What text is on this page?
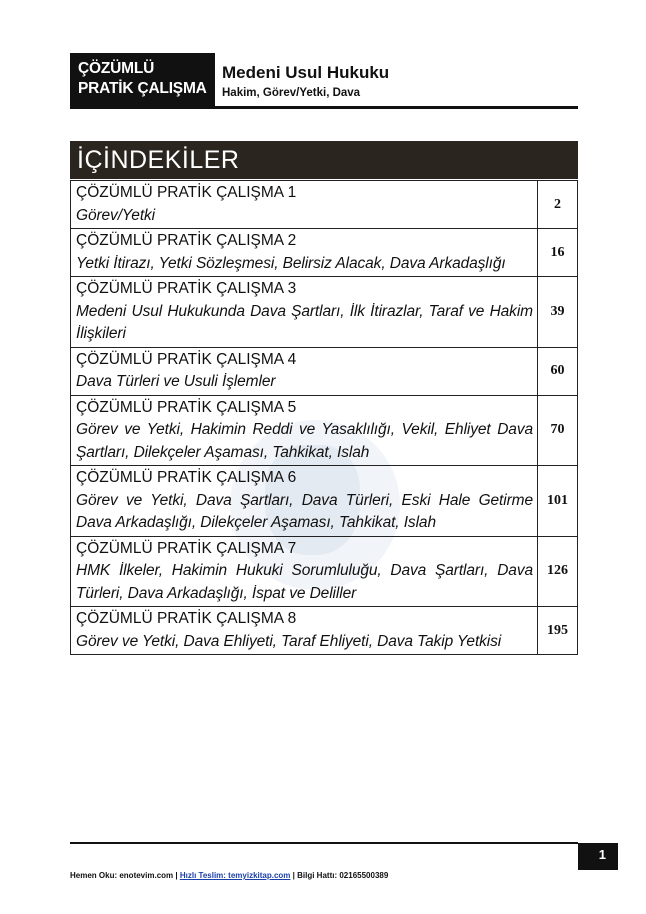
ÇÖZÜMLÜ
PRATİK ÇALIŞMA
Medeni Usul Hukuku
Hakim, Görev/Yetki, Dava
İÇİNDEKİLER
ÇÖZÜMLÜ PRATİK ÇALIŞMA 1
Görev/Yetki	2

ÇÖZÜMLÜ PRATİK ÇALIŞMA 2
Yetki İtirazı, Yetki Sözleşmesi, Belirsiz Alacak, Dava Arkadaşlığı	16

ÇÖZÜMLÜ PRATİK ÇALIŞMA 3
Medeni Usul Hukukunda Dava Şartları, İlk İtirazlar, Taraf ve Hakim İlişkileri	39

ÇÖZÜMLÜ PRATİK ÇALIŞMA 4
Dava Türleri ve Usuli İşlemler	60

ÇÖZÜMLÜ PRATİK ÇALIŞMA 5
Görev ve Yetki, Hakimin Reddi ve Yasaklılığı, Vekil, Ehliyet Dava Şartları, Dilekçeler Aşaması, Tahkikat, Islah	70

ÇÖZÜMLÜ PRATİK ÇALIŞMA 6
Görev ve Yetki, Dava Şartları, Dava Türleri, Eski Hale Getirme Dava Arkadaşlığı, Dilekçeler Aşaması, Tahkikat, Islah	101

ÇÖZÜMLÜ PRATİK ÇALIŞMA 7
HMK İlkeler, Hakimin Hukuki Sorumluluğu, Dava Şartları, Dava Türleri, Dava Arkadaşlığı, İspat ve Deliller	126

ÇÖZÜMLÜ PRATİK ÇALIŞMA 8
Görev ve Yetki, Dava Ehliyeti, Taraf Ehliyeti, Dava Takip Yetkisi	195
1
Hemen Oku: enotevim.com | Hızlı Teslim: temyizkitap.com | Bilgi Hattı: 02165500389
